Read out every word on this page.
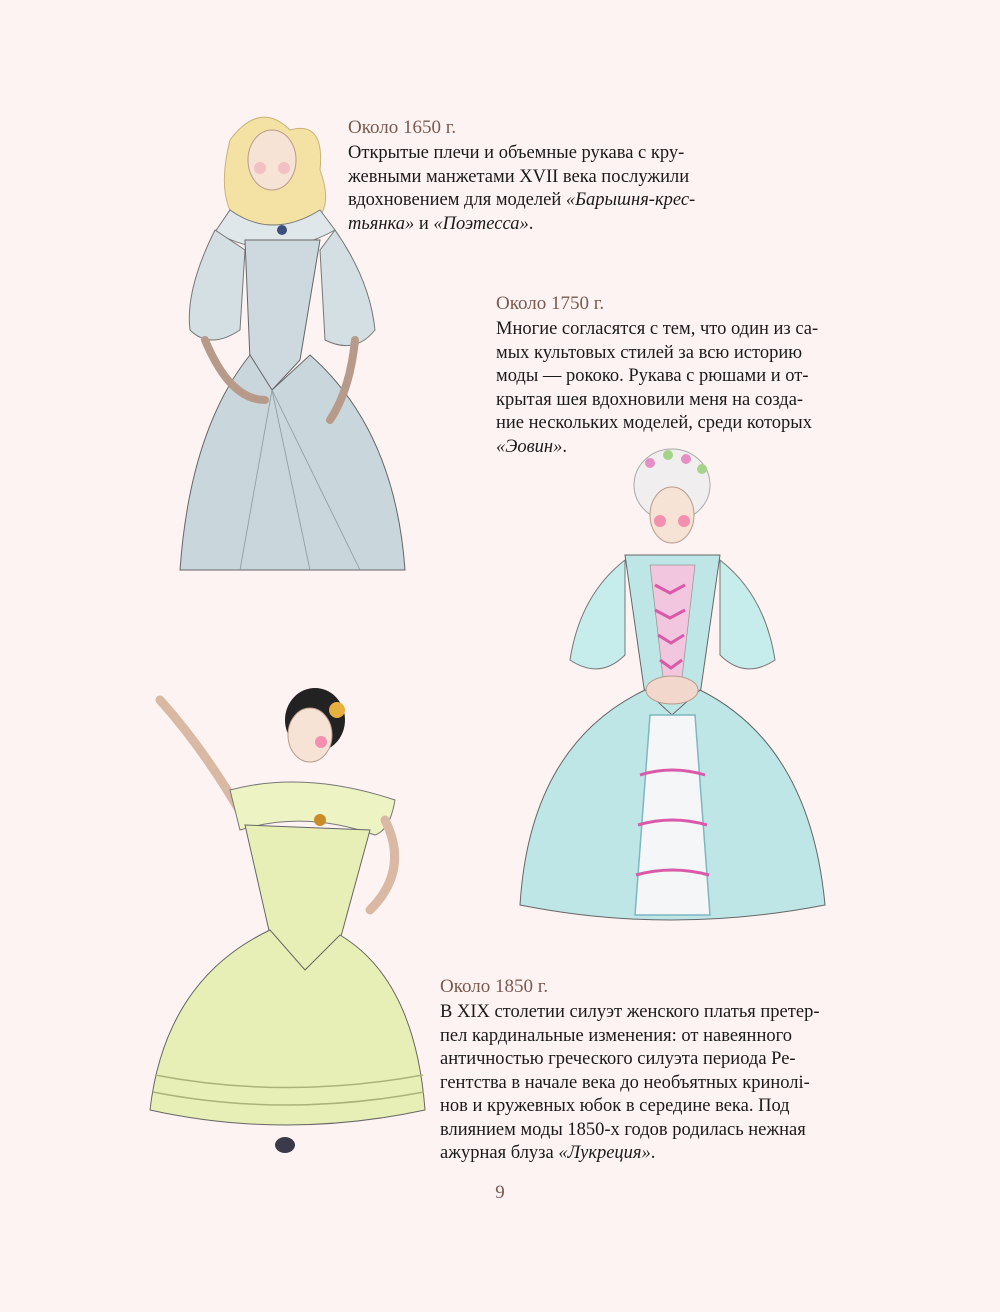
Около 1650 г.

Открытые плечи и объемные рукава с кру-
жевными манжетами XVII века послужили
вдохновением для моделей «Барышня-крес-
тьянка» и «Поэтесса».

Около 1750 г.

Многие согласятся с тем, что один из са-
мых культовых стилей за всю историю
моды — рококо. Рукава с рюшами и от-
крытая шея вдохновили меня на созда-
ние нескольких моделей, среди которых
«Эовин».

Около 1850 г.

В XIX столетии силуэт женского платья претер-
пел кардинальные изменения: от навеянного
античностью греческого силуэта периода Ре-
гентства в начале века до необъятных кринолі-
нов и кружевных юбок в середине века. Под
влиянием моды 1850-х годов родилась нежная
ажурная блуза «Лукреция».

9
